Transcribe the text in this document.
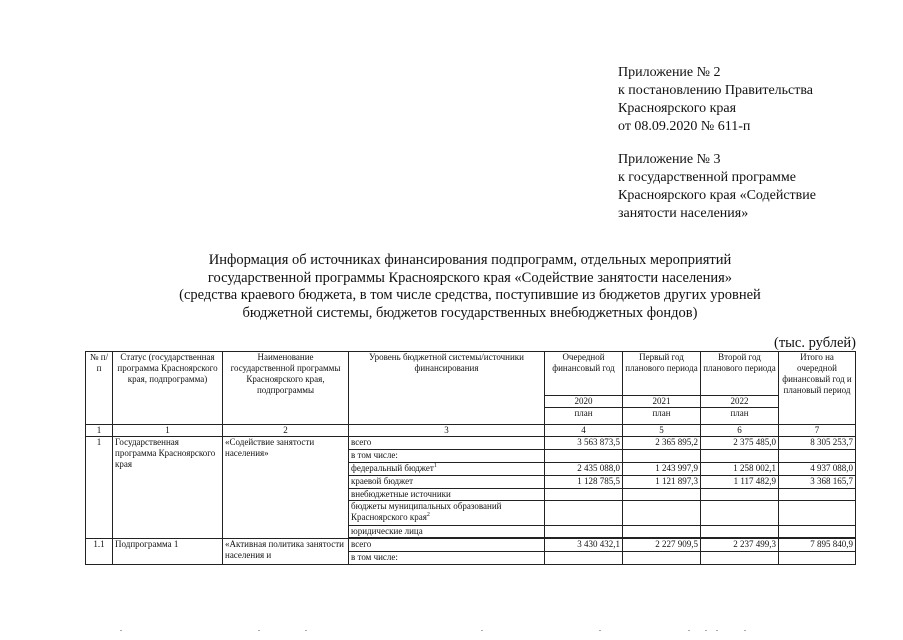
Приложение № 2
к постановлению Правительства
Красноярского края
от 08.09.2020 № 611-п
Приложение № 3
к государственной программе
Красноярского края «Содействие
занятости населения»
Информация об источниках финансирования подпрограмм, отдельных мероприятий
государственной программы Красноярского края «Содействие занятости населения»
(средства краевого бюджета, в том числе средства, поступившие из бюджетов других уровней
бюджетной системы, бюджетов государственных внебюджетных фондов)
(тыс. рублей)
№ п/п	Статус (государственная программа Красноярского края, подпрограмма)	Наименование государственной программы Красноярского края, подпрограммы	Уровень бюджетной системы/источники финансирования	Очередной финансовый год	Первый год планового периода	Второй год планового периода	Итого на очередной финансовый год и плановый период
				2020	2021	2022	
				план	план	план	
1	1	2	3	4	5	6	7
1	Государственная программа Красноярского края	«Содействие занятости населения»	всего	3 563 873,5	2 365 895,2	2 375 485,0	8 305 253,7
			в том числе:				
			федеральный бюджет$^1$	2 435 088,0	1 243 997,9	1 258 002,1	4 937 088,0
			краевой бюджет	1 128 785,5	1 121 897,3	1 117 482,9	3 368 165,7
			внебюджетные источники				
			бюджеты муниципальных образований Красноярского края$^2$				
			юридические лица				

1.1	Подпрограмма 1	«Активная политика занятости населения и	всего	3 430 432,1	2 227 909,5	2 237 499,3	7 895 840,9
			в том числе:				
